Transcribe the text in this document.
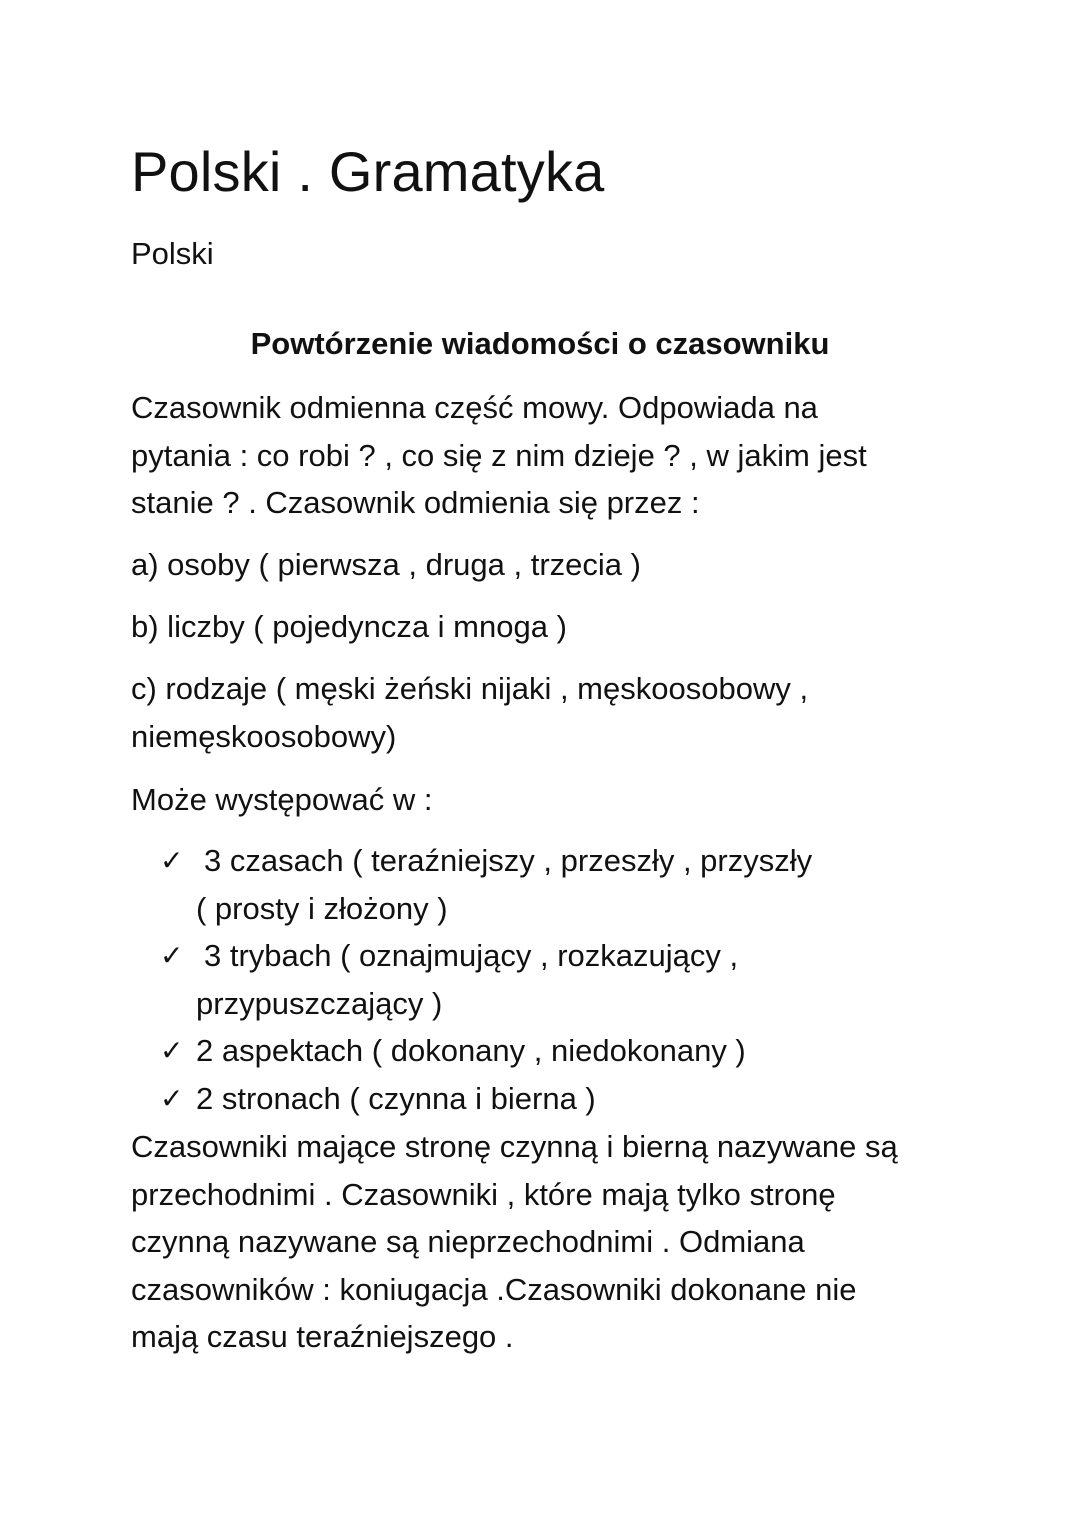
Polski . Gramatyka

Polski

Powtórzenie wiadomości o czasowniku

Czasownik odmienna część mowy. Odpowiada na
pytania : co robi ? , co się z nim dzieje ? , w jakim jest
stanie ? . Czasownik odmienia się przez :

a) osoby ( pierwsza , druga , trzecia )

b) liczby ( pojedyncza i mnoga )

c) rodzaje ( męski żeński nijaki , męskoosobowy ,
niemęskoosobowy)

Może występować w :

✓ 3 czasach ( teraźniejszy , przeszły , przyszły
( prosty i złożony )
✓ 3 trybach ( oznajmujący , rozkazujący ,
przypuszczający )
✓ 2 aspektach ( dokonany , niedokonany )
✓ 2 stronach ( czynna i bierna )

Czasowniki mające stronę czynną i bierną nazywane są
przechodnimi . Czasowniki , które mają tylko stronę
czynną nazywane są nieprzechodnimi . Odmiana
czasowników : koniugacja .Czasowniki dokonane nie
mają czasu teraźniejszego .
